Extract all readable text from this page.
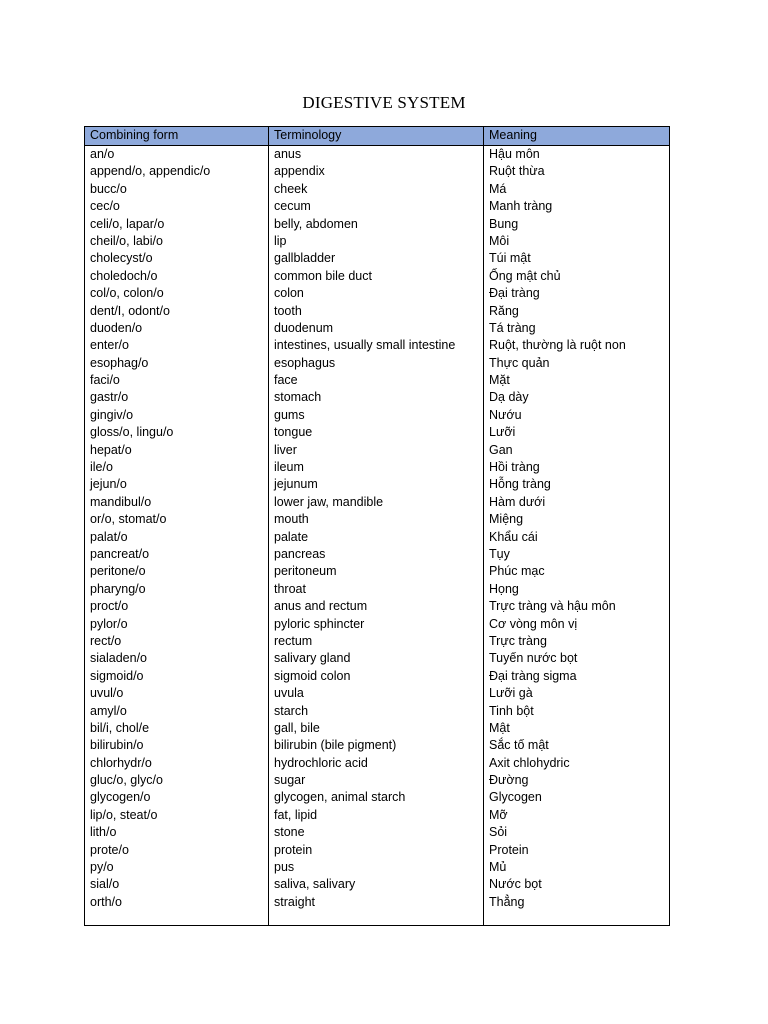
DIGESTIVE SYSTEM
Combining form	Terminology	Meaning
an/o
append/o, appendic/o
bucc/o
cec/o
celi/o, lapar/o
cheil/o, labi/o
cholecyst/o
choledoch/o
col/o, colon/o
dent/I, odont/o
duoden/o
enter/o
esophag/o
faci/o
gastr/o
gingiv/o
gloss/o, lingu/o
hepat/o
ile/o
jejun/o
mandibul/o
or/o, stomat/o
palat/o
pancreat/o
peritone/o
pharyng/o
proct/o
pylor/o
rect/o
sialaden/o
sigmoid/o
uvul/o
amyl/o
bil/i, chol/e
bilirubin/o
chlorhydr/o
gluc/o, glyc/o
glycogen/o
lip/o, steat/o
lith/o
prote/o
py/o
sial/o
orth/o
anus
appendix
cheek
cecum
belly, abdomen
lip
gallbladder
common bile duct
colon
tooth
duodenum
intestines, usually small intestine
esophagus
face
stomach
gums
tongue
liver
ileum
jejunum
lower jaw, mandible
mouth
palate
pancreas
peritoneum
throat
anus and rectum
pyloric sphincter
rectum
salivary gland
sigmoid colon
uvula
starch
gall, bile
bilirubin (bile pigment)
hydrochloric acid
sugar
glycogen, animal starch
fat, lipid
stone
protein
pus
saliva, salivary
straight
Hậu môn
Ruột thừa
Má
Manh tràng
Bung
Môi
Túi mật
Ống mật chủ
Đại tràng
Răng
Tá tràng
Ruột, thường là ruột non
Thực quản
Mặt
Dạ dày
Nướu
Lưỡi
Gan
Hồi tràng
Hỗng tràng
Hàm dưới
Miệng
Khẩu cái
Tụy
Phúc mạc
Họng
Trực tràng và hậu môn
Cơ vòng môn vị
Trực tràng
Tuyến nước bọt
Đại tràng sigma
Lưỡi gà
Tinh bột
Mật
Sắc tố mật
Axit chlohydric
Đường
Glycogen
Mỡ
Sỏi
Protein
Mủ
Nước bọt
Thẳng
